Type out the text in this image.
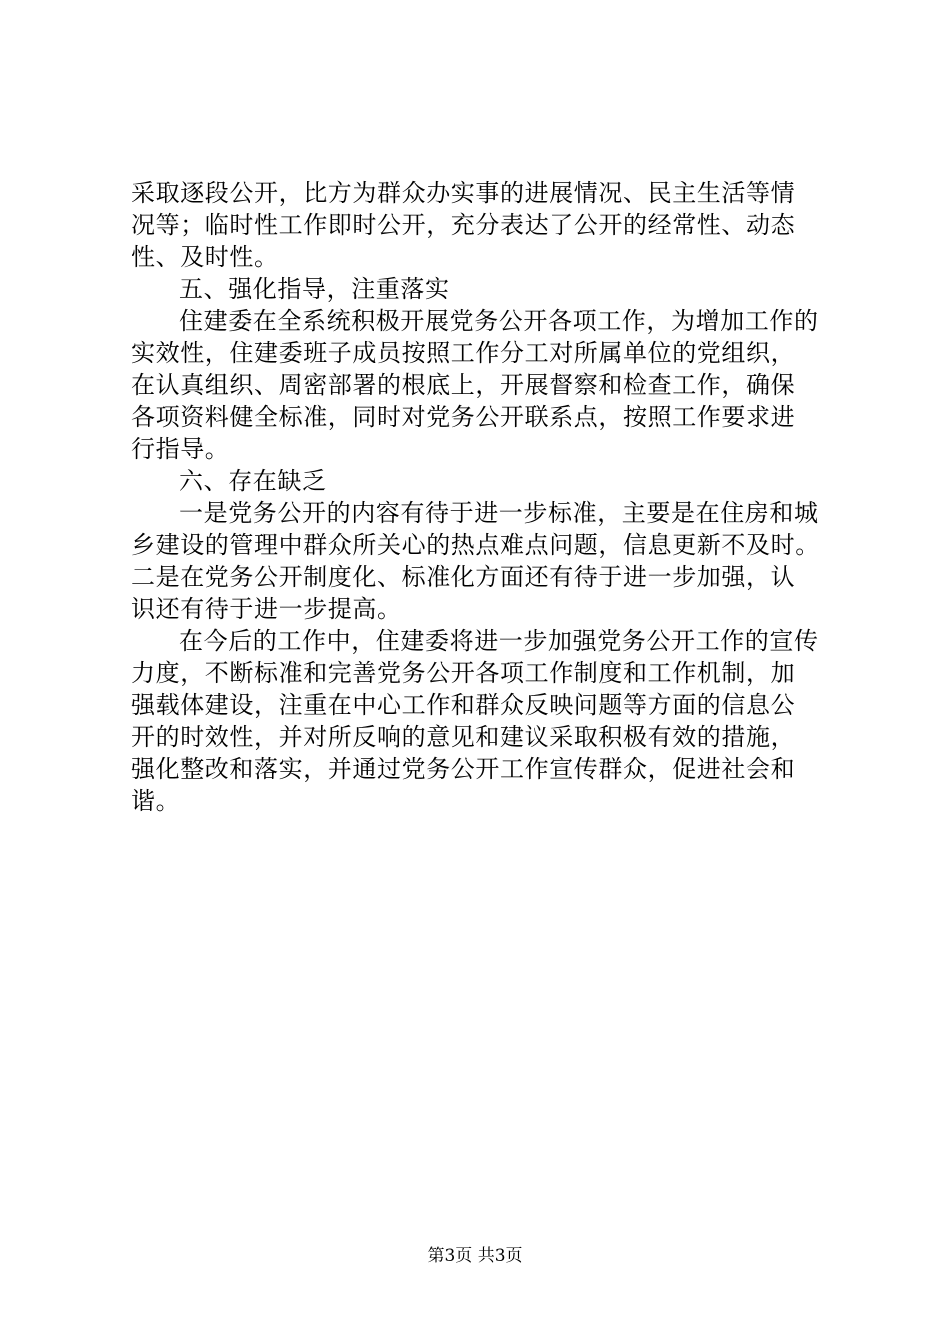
采取逐段公开，比方为群众办实事的进展情况、民主生活等情
况等；临时性工作即时公开，充分表达了公开的经常性、动态
性、及时性。
五、强化指导，注重落实
住建委在全系统积极开展党务公开各项工作，为增加工作的
实效性，住建委班子成员按照工作分工对所属单位的党组织，
在认真组织、周密部署的根底上，开展督察和检查工作，确保
各项资料健全标准，同时对党务公开联系点，按照工作要求进
行指导。
六、存在缺乏
一是党务公开的内容有待于进一步标准，主要是在住房和城
乡建设的管理中群众所关心的热点难点问题，信息更新不及时。
二是在党务公开制度化、标准化方面还有待于进一步加强，认
识还有待于进一步提高。
在今后的工作中，住建委将进一步加强党务公开工作的宣传
力度，不断标准和完善党务公开各项工作制度和工作机制，加
强载体建设，注重在中心工作和群众反映问题等方面的信息公
开的时效性，并对所反响的意见和建议采取积极有效的措施，
强化整改和落实，并通过党务公开工作宣传群众，促进社会和
谐。
第3页 共3页
